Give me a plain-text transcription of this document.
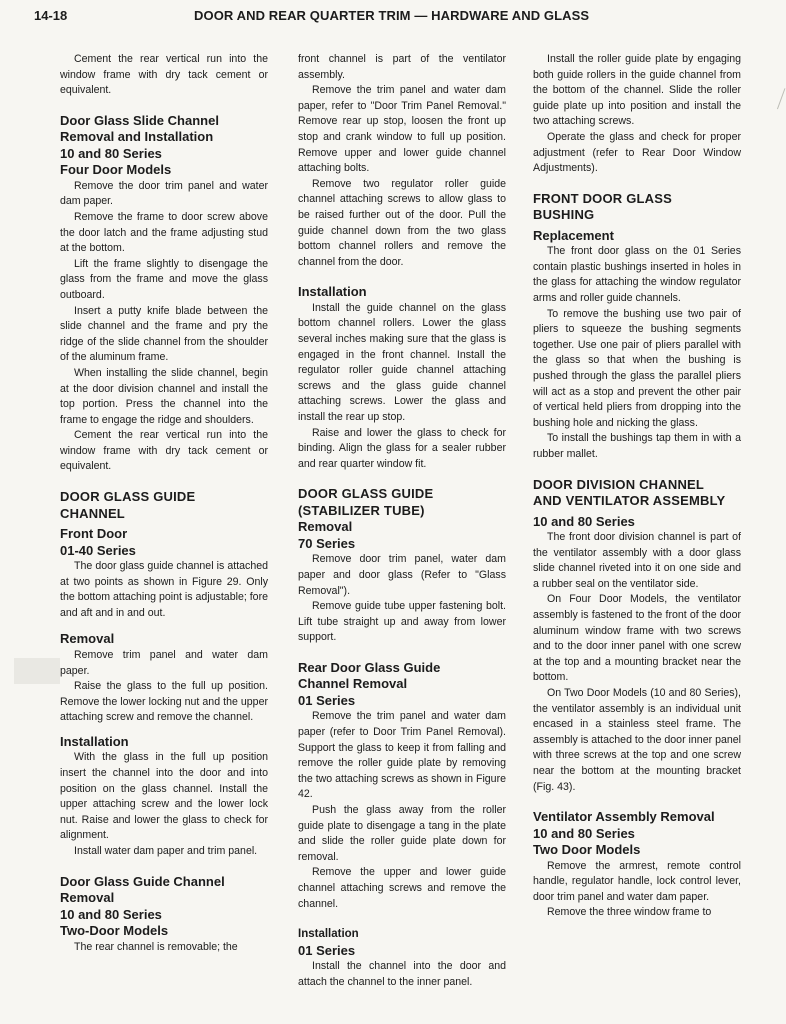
14-18	DOOR AND REAR QUARTER TRIM — HARDWARE AND GLASS

Cement the rear vertical run into the window frame with dry tack cement or equivalent.

Door Glass Slide Channel
Removal and Installation
10 and 80 Series
Four Door Models

Remove the door trim panel and water dam paper.

Remove the frame to door screw above the door latch and the frame adjusting stud at the bottom.

Lift the frame slightly to disengage the glass from the frame and move the glass outboard.

Insert a putty knife blade between the slide channel and the frame and pry the ridge of the slide channel from the shoulder of the aluminum frame.

When installing the slide channel, begin at the door division channel and install the top portion. Press the channel into the frame to engage the ridge and shoulders.

Cement the rear vertical run into the window frame with dry tack cement or equivalent.

DOOR GLASS GUIDE
CHANNEL
Front Door
01-40 Series

The door glass guide channel is attached at two points as shown in Figure 29. Only the bottom attaching point is adjustable; fore and aft and in and out.

Removal

Remove trim panel and water dam paper.

Raise the glass to the full up position. Remove the lower locking nut and the upper attaching screw and remove the channel.

Installation

With the glass in the full up position insert the channel into the door and into position on the glass channel. Install the upper attaching screw and the lower lock nut. Raise and lower the glass to check for alignment.

Install water dam paper and trim panel.

Door Glass Guide Channel
Removal
10 and 80 Series
Two-Door Models

The rear channel is removable; the

front channel is part of the ventilator assembly.

Remove the trim panel and water dam paper, refer to "Door Trim Panel Removal." Remove rear up stop, loosen the front up stop and crank window to full up position. Remove upper and lower guide channel attaching bolts.

Remove two regulator roller guide channel attaching screws to allow glass to be raised further out of the door. Pull the guide channel down from the two glass bottom channel rollers and remove the channel from the door.

Installation

Install the guide channel on the glass bottom channel rollers. Lower the glass several inches making sure that the glass is engaged in the front channel. Install the regulator roller guide channel attaching screws and the glass guide channel attaching screws. Lower the glass and install the rear up stop.

Raise and lower the glass to check for binding. Align the glass for a sealer rubber and rear quarter window fit.

DOOR GLASS GUIDE
(STABILIZER TUBE)
Removal
70 Series

Remove door trim panel, water dam paper and door glass (Refer to "Glass Removal").

Remove guide tube upper fastening bolt. Lift tube straight up and away from lower support.

Rear Door Glass Guide
Channel Removal
01 Series

Remove the trim panel and water dam paper (refer to Door Trim Panel Removal). Support the glass to keep it from falling and remove the roller guide plate by removing the two attaching screws as shown in Figure 42.

Push the glass away from the roller guide plate to disengage a tang in the plate and slide the roller guide plate down for removal.

Remove the upper and lower guide channel attaching screws and remove the channel.

Installation
01 Series

Install the channel into the door and attach the channel to the inner panel.

Install the roller guide plate by engaging both guide rollers in the guide channel from the bottom of the channel. Slide the roller guide plate up into position and install the two attaching screws.

Operate the glass and check for proper adjustment (refer to Rear Door Window Adjustments).

FRONT DOOR GLASS
BUSHING
Replacement

The front door glass on the 01 Series contain plastic bushings inserted in holes in the glass for attaching the window regulator arms and roller guide channels.

To remove the bushing use two pair of pliers to squeeze the bushing segments together. Use one pair of pliers parallel with the glass so that when the bushing is pushed through the glass the parallel pliers will act as a stop and prevent the other pair of vertical held pliers from dropping into the bushing hole and nicking the glass.

To install the bushings tap them in with a rubber mallet.

DOOR DIVISION CHANNEL
AND VENTILATOR ASSEMBLY
10 and 80 Series

The front door division channel is part of the ventilator assembly with a door glass slide channel riveted into it on one side and a rubber seal on the ventilator side.

On Four Door Models, the ventilator assembly is fastened to the front of the door aluminum window frame with two screws and to the door inner panel with one screw at the top and a mounting bracket near the bottom.

On Two Door Models (10 and 80 Series), the ventilator assembly is an individual unit encased in a stainless steel frame. The assembly is attached to the door inner panel with three screws at the top and one screw near the bottom at the mounting bracket (Fig. 43).

Ventilator Assembly Removal
10 and 80 Series
Two Door Models

Remove the armrest, remote control handle, regulator handle, lock control lever, door trim panel and water dam paper.

Remove the three window frame to
